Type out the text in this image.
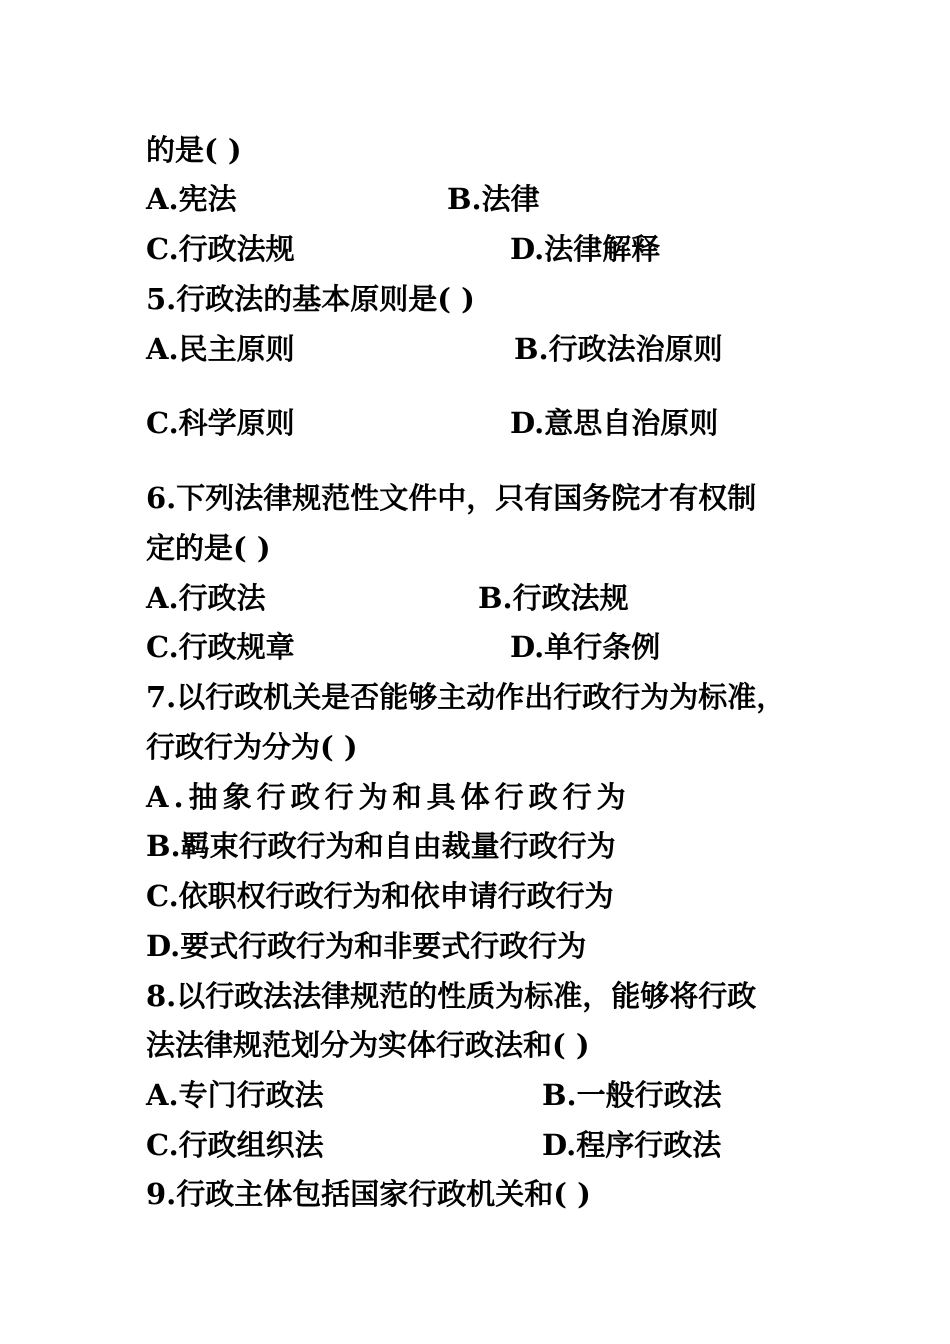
的是( )
A.宪法	B.法律
C.行政法规	D.法律解释
5.行政法的基本原则是( )
A.民主原则	B.行政法治原则
C.科学原则	D.意思自治原则
6.下列法律规范性文件中，只有国务院才有权制
定的是( )
A.行政法	B.行政法规
C.行政规章	D.单行条例
7.以行政机关是否能够主动作出行政行为为标准，
行政行为分为( )
A.抽象行政行为和具体行政行为
B.羁束行政行为和自由裁量行政行为
C.依职权行政行为和依申请行政行为
D.要式行政行为和非要式行政行为
8.以行政法法律规范的性质为标准，能够将行政
法法律规范划分为实体行政法和( )
A.专门行政法	B.一般行政法
C.行政组织法	D.程序行政法
9.行政主体包括国家行政机关和( )
